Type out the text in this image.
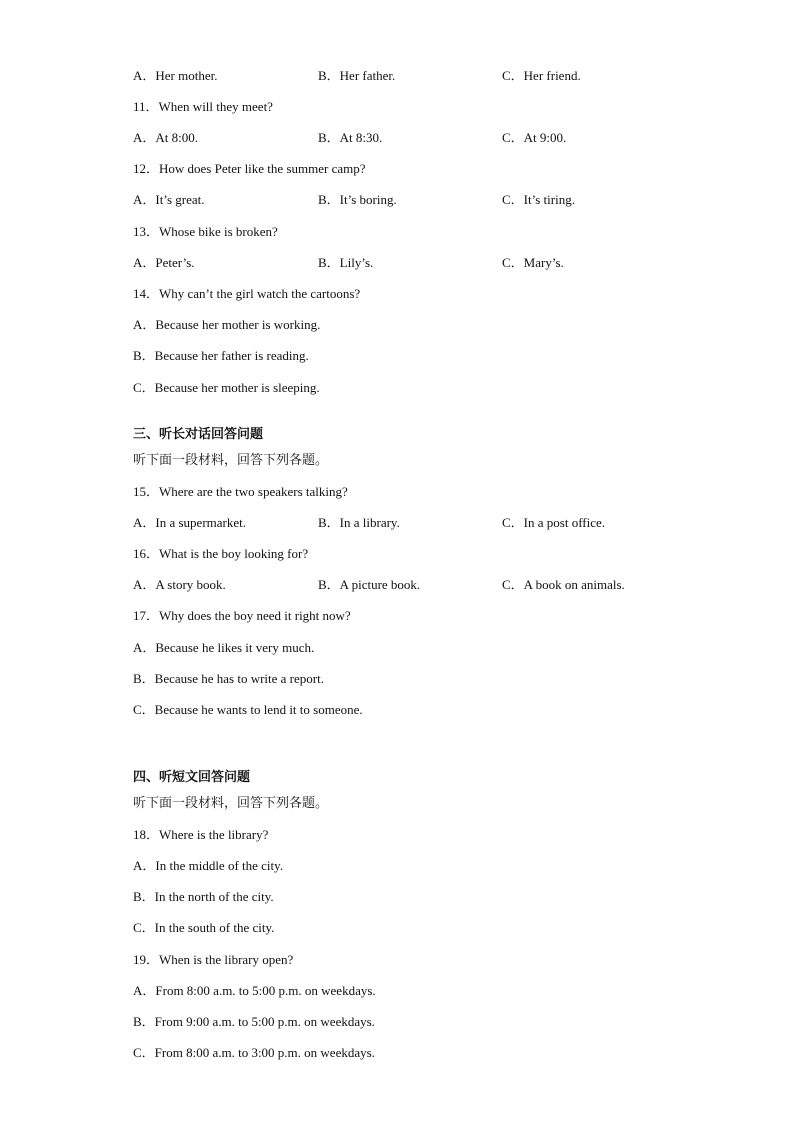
A．Her mother.	B．Her father.	C．Her friend.
11．When will they meet?
A．At 8:00.	B．At 8:30.	C．At 9:00.
12．How does Peter like the summer camp?
A．It’s great.	B．It’s boring.	C．It’s tiring.
13．Whose bike is broken?
A．Peter’s.	B．Lily’s.	C．Mary’s.
14．Why can’t the girl watch the cartoons?
A．Because her mother is working.
B．Because her father is reading.
C．Because her mother is sleeping.
三、听长对话回答问题
听下面一段材料，回答下列各题。
15．Where are the two speakers talking?
A．In a supermarket.	B．In a library.	C．In a post office.
16．What is the boy looking for?
A．A story book.	B．A picture book.	C．A book on animals.
17．Why does the boy need it right now?
A．Because he likes it very much.
B．Because he has to write a report.
C．Because he wants to lend it to someone.
四、听短文回答问题
听下面一段材料，回答下列各题。
18．Where is the library?
A．In the middle of the city.
B．In the north of the city.
C．In the south of the city.
19．When is the library open?
A．From 8:00 a.m. to 5:00 p.m. on weekdays.
B．From 9:00 a.m. to 5:00 p.m. on weekdays.
C．From 8:00 a.m. to 3:00 p.m. on weekdays.
